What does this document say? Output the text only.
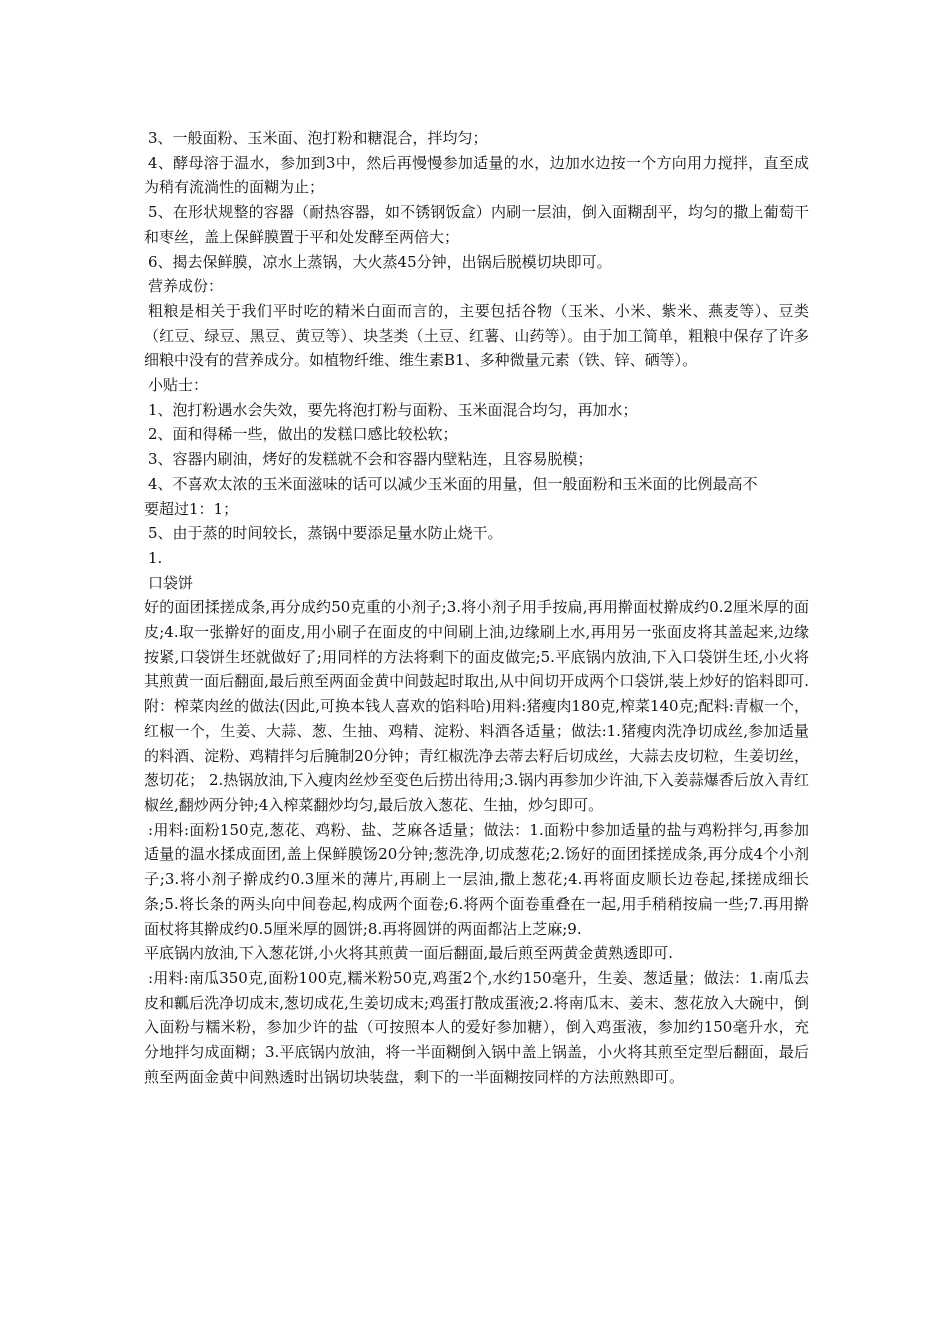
3、一般面粉、玉米面、泡打粉和糖混合，拌均匀；

4、酵母溶于温水，参加到3中，然后再慢慢参加适量的水，边加水边按一个方向用力搅拌，直至成为稍有流淌性的面糊为止；

5、在形状规整的容器（耐热容器，如不锈钢饭盒）内刷一层油，倒入面糊刮平，均匀的撒上葡萄干和枣丝，盖上保鲜膜置于平和处发酵至两倍大；

6、揭去保鲜膜，凉水上蒸锅，大火蒸45分钟，出锅后脱模切块即可。

营养成份：

粗粮是相关于我们平时吃的精米白面而言的，主要包括谷物（玉米、小米、紫米、燕麦等）、豆类（红豆、绿豆、黑豆、黄豆等）、块茎类（土豆、红薯、山药等）。由于加工简单，粗粮中保存了许多细粮中没有的营养成分。如植物纤维、维生素B1、多种微量元素（铁、锌、硒等）。

小贴士：

1、泡打粉遇水会失效，要先将泡打粉与面粉、玉米面混合均匀，再加水；

2、面和得稀一些，做出的发糕口感比较松软；

3、容器内刷油，烤好的发糕就不会和容器内壁粘连，且容易脱模；

4、不喜欢太浓的玉米面滋味的话可以减少玉米面的用量，但一般面粉和玉米面的比例最高不

要超过1：1；

5、由于蒸的时间较长，蒸锅中要添足量水防止烧干。

1.

口袋饼

好的面团揉搓成条,再分成约50克重的小剂子;3.将小剂子用手按扁,再用擀面杖擀成约0.2厘米厚的面皮;4.取一张擀好的面皮,用小刷子在面皮的中间刷上油,边缘刷上水,再用另一张面皮将其盖起来,边缘按紧,口袋饼生坯就做好了;用同样的方法将剩下的面皮做完;5.平底锅内放油,下入口袋饼生坯,小火将其煎黄一面后翻面,最后煎至两面金黄中间鼓起时取出,从中间切开成两个口袋饼,装上炒好的馅料即可.附：榨菜肉丝的做法(因此,可换本钱人喜欢的馅料哈)用料:猪瘦肉180克,榨菜140克;配料:青椒一个，红椒一个，生姜、大蒜、葱、生抽、鸡精、淀粉、料酒各适量；做法:1.猪瘦肉洗净切成丝,参加适量的料酒、淀粉、鸡精拌匀后腌制20分钟；青红椒洗净去蒂去籽后切成丝，大蒜去皮切粒，生姜切丝，葱切花； 2.热锅放油,下入瘦肉丝炒至变色后捞出待用;3.锅内再参加少许油,下入姜蒜爆香后放入青红椒丝,翻炒两分钟;4入榨菜翻炒均匀,最后放入葱花、生抽，炒匀即可。

:用料:面粉150克,葱花、鸡粉、盐、芝麻各适量；做法：1.面粉中参加适量的盐与鸡粉拌匀,再参加适量的温水揉成面团,盖上保鲜膜饧20分钟;葱洗净,切成葱花;2.饧好的面团揉搓成条,再分成4个小剂子;3.将小剂子擀成约0.3厘米的薄片,再刷上一层油,撒上葱花;4.再将面皮顺长边卷起,揉搓成细长条;5.将长条的两头向中间卷起,构成两个面卷;6.将两个面卷重叠在一起,用手稍稍按扁一些;7.再用擀面杖将其擀成约0.5厘米厚的圆饼;8.再将圆饼的两面都沾上芝麻;9.

平底锅内放油,下入葱花饼,小火将其煎黄一面后翻面,最后煎至两黄金黄熟透即可.

:用料:南瓜350克,面粉100克,糯米粉50克,鸡蛋2个,水约150毫升，生姜、葱适量；做法：1.南瓜去皮和瓤后洗净切成末,葱切成花,生姜切成末;鸡蛋打散成蛋液;2.将南瓜末、姜末、葱花放入大碗中，倒入面粉与糯米粉，参加少许的盐（可按照本人的爱好参加糖），倒入鸡蛋液，参加约150毫升水，充分地拌匀成面糊；3.平底锅内放油，将一半面糊倒入锅中盖上锅盖，小火将其煎至定型后翻面，最后煎至两面金黄中间熟透时出锅切块装盘，剩下的一半面糊按同样的方法煎熟即可。
